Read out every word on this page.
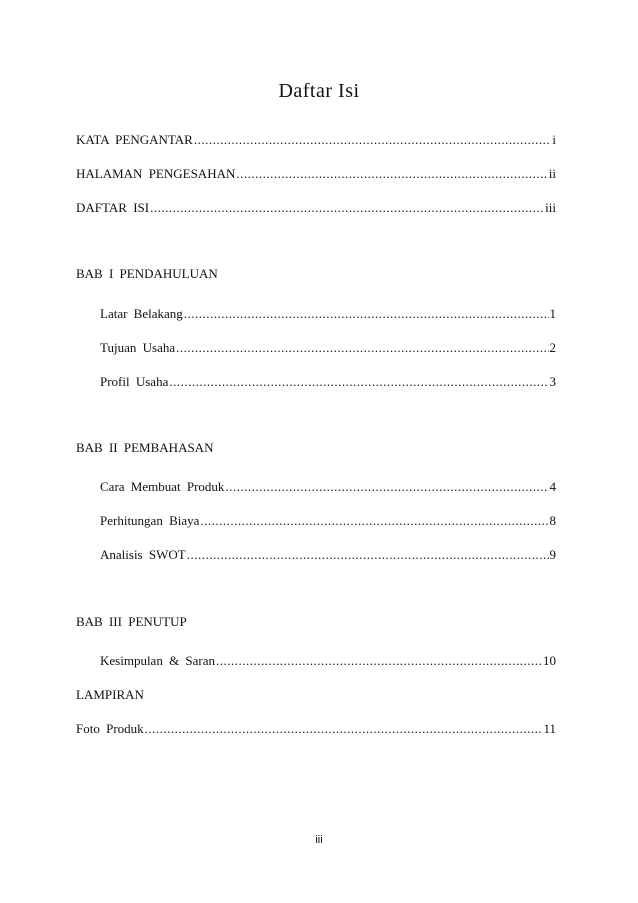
Daftar Isi
KATA PENGANTAR .....	i
HALAMAN PENGESAHAN .....	ii
DAFTAR ISI .....	iii
BAB I PENDAHULUAN
Latar Belakang .....	1
Tujuan Usaha .....	2
Profil Usaha .....	3
BAB II PEMBAHASAN
Cara Membuat Produk .....	4
Perhitungan Biaya .....	8
Analisis SWOT .....	9
BAB III PENUTUP
Kesimpulan & Saran .....	10
LAMPIRAN
Foto Produk .....	11
iii
